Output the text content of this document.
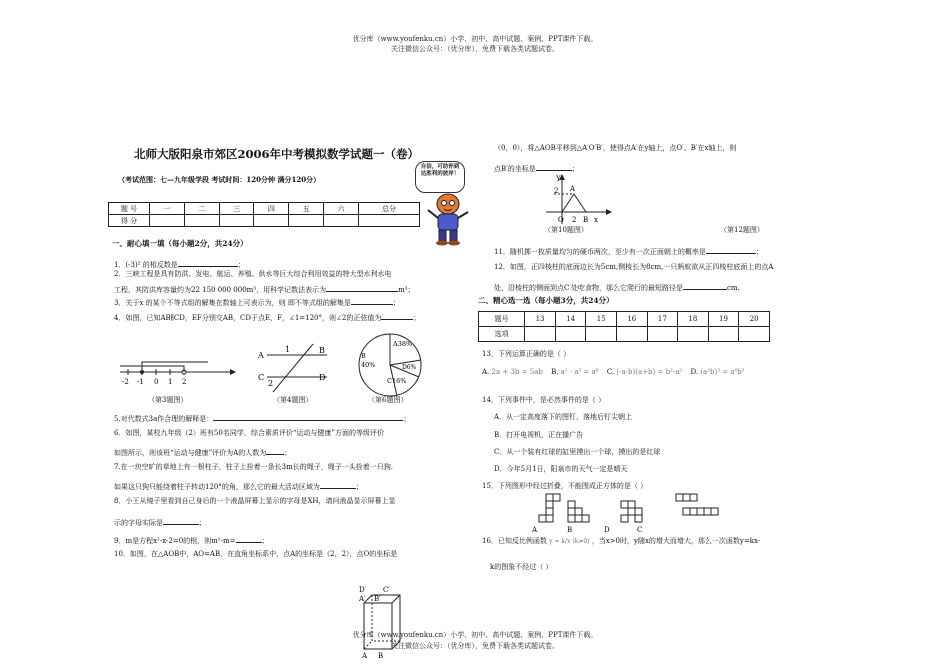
优分库（www.youfenku.cn）小学、初中、高中试题、案例、PPT课件下载。
关注微信公众号：（优分库），免费下载各类试题试卷。
北师大版阳泉市郊区2006年中考模拟数学试题一（卷）
（考试范围：七—九年级学段 考试时间：120分钟 满分120分）
自信，可助你到达胜利的彼岸！
题 号	一	二	三	四	五	六	总分
得 分							
一、耐心填一填（每小题2分，共24分）
1．(-3)² 的相反数是	；
2．三峡工程是具有防洪、发电、航运、养殖、供水等巨大综合利用效益的特大型水利水电
工程，其防洪库容量约为22 150 000 000m³，用科学记数法表示为	m³；
3．关于x 的某个不等式组的解集在数轴上可表示为，则 即不等式组的解集是	；
4．如图，已知AB∥CD，EF分别交AB，CD于点E，F，∠1=120°，则∠2的正弦值为	；
-2 -1 0 1 2
（第3题图）
1
A
B
C
2
D
（第4题图）
A38%
B
40%	D6%
C16%
（第6题图）
5.对代数式3a作合理的解释是：	；
6．如图，某校九年级（2）班有50名同学，综合素质评价“运动与健康”方面的等级评价
如图所示，则该班“运动与健康”评价为A的人数为	；
7.在一块空旷的草地上有一根柱子，柱子上拴着一条长3m长的绳子，绳子一头拴着一只狗.
如果这只狗只能绕着柱子转动120°的角，那么它的最大活动区域为	；
8．小王从镜子里看到自己身后的一个液晶屏幕上显示的字母是XH，请问液晶显示屏幕上显
示的字母实际是	；
9．m是方程x²-x-2=0的根，则m²-m=	；
10．如图，在△AOB中，AO=AB，在直角坐标系中，点A的坐标是（2，2），点O的坐标是
D′ C′
A′ B′
A B
（0，0），将△AOB平移到△A′O′B′，使得点A′在y轴上，点O′、B′在x轴上，则
点B′的坐标是	；
Y
2 A
O 2 B x
（第10题图）	（第12题图）
11．随机掷一枚质量均匀的硬币两次，至少有一次正面朝上的概率是	；
12．如图，正四棱柱的底面边长为5cm,侧棱长为8cm,一只蚂蚁欲从正四棱柱底面上的点A
处，沿棱柱的侧面到点C′处吃食物，那么它爬行的最短路径是	cm.
二、精心选一选（每小题3分，共24分）
题号	13	14	15	16	17	18	19	20
选项								
13．下列运算正确的是（ ）
A. 2a + 3b = 5ab B. a² · a³ = a⁶ C. (-a-b)(a+b) = b²-a² D. (a²b)³ = a⁶b³
14．下列事件中，是必然事件的是（ ）
A．从一定高度落下的图钉，落地后钉尖朝上
B．打开电视机，正在播广告
C．从一个装有红球的缸里摸出一个球，摸出的是红球
D．今年5月1日，阳泉市的天气一定是晴天
15．下列图形中经过折叠，不能围成正方体的是（ ）
A	B	D	C
16．已知反比例函数 y = k/x (k≠0) ，当x>0时，y随x的增大而增大，那么一次函数y=kx-
k的图象不经过（ ）
优分库（www.youfenku.cn）小学、初中、高中试题、案例、PPT课件下载。
关注微信公众号：（优分库），免费下载各类试题试卷。
